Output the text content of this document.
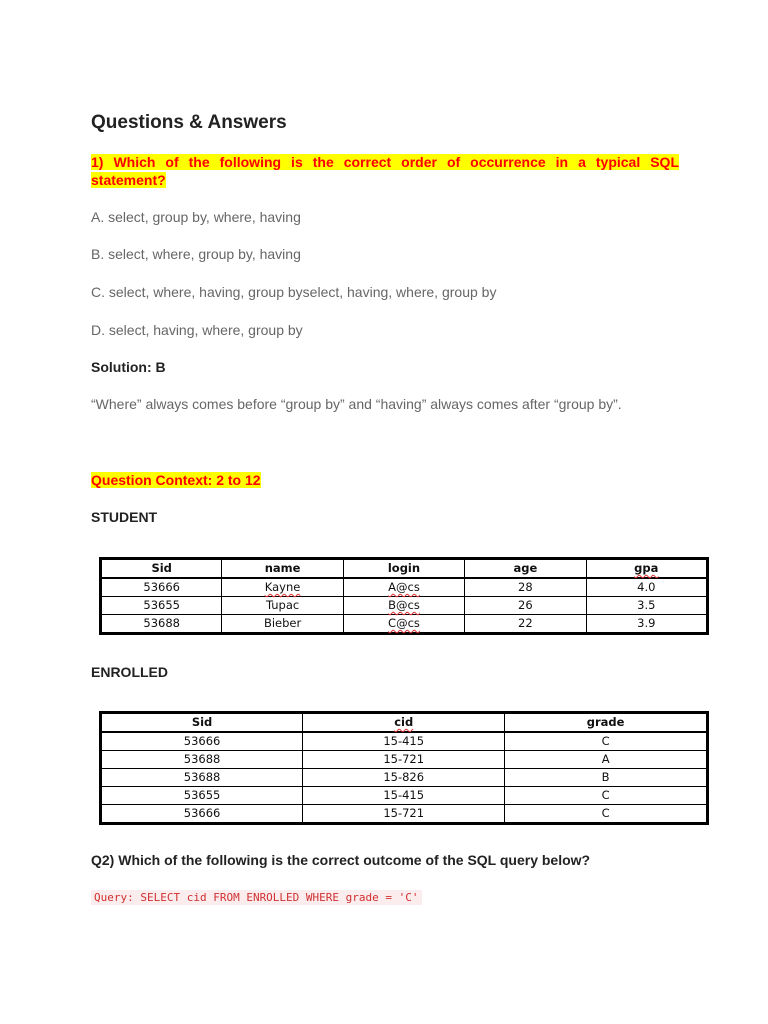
Questions & Answers
1) Which of the following is the correct order of occurrence in a typical SQL
statement?
A. select, group by, where, having
B. select, where, group by, having
C. select, where, having, group byselect, having, where, group by
D. select, having, where, group by
Solution: B
“Where” always comes before “group by” and “having” always comes after “group by”.
Question Context: 2 to 12
STUDENT
Sid	name	login	age	gpa
53666	Kayne	A@cs	28	4.0
53655	Tupac	B@cs	26	3.5
53688	Bieber	C@cs	22	3.9
ENROLLED
Sid	cid	grade
53666	15-415	C
53688	15-721	A
53688	15-826	B
53655	15-415	C
53666	15-721	C
Q2) Which of the following is the correct outcome of the SQL query below?
Query: SELECT cid FROM ENROLLED WHERE grade = 'C'
